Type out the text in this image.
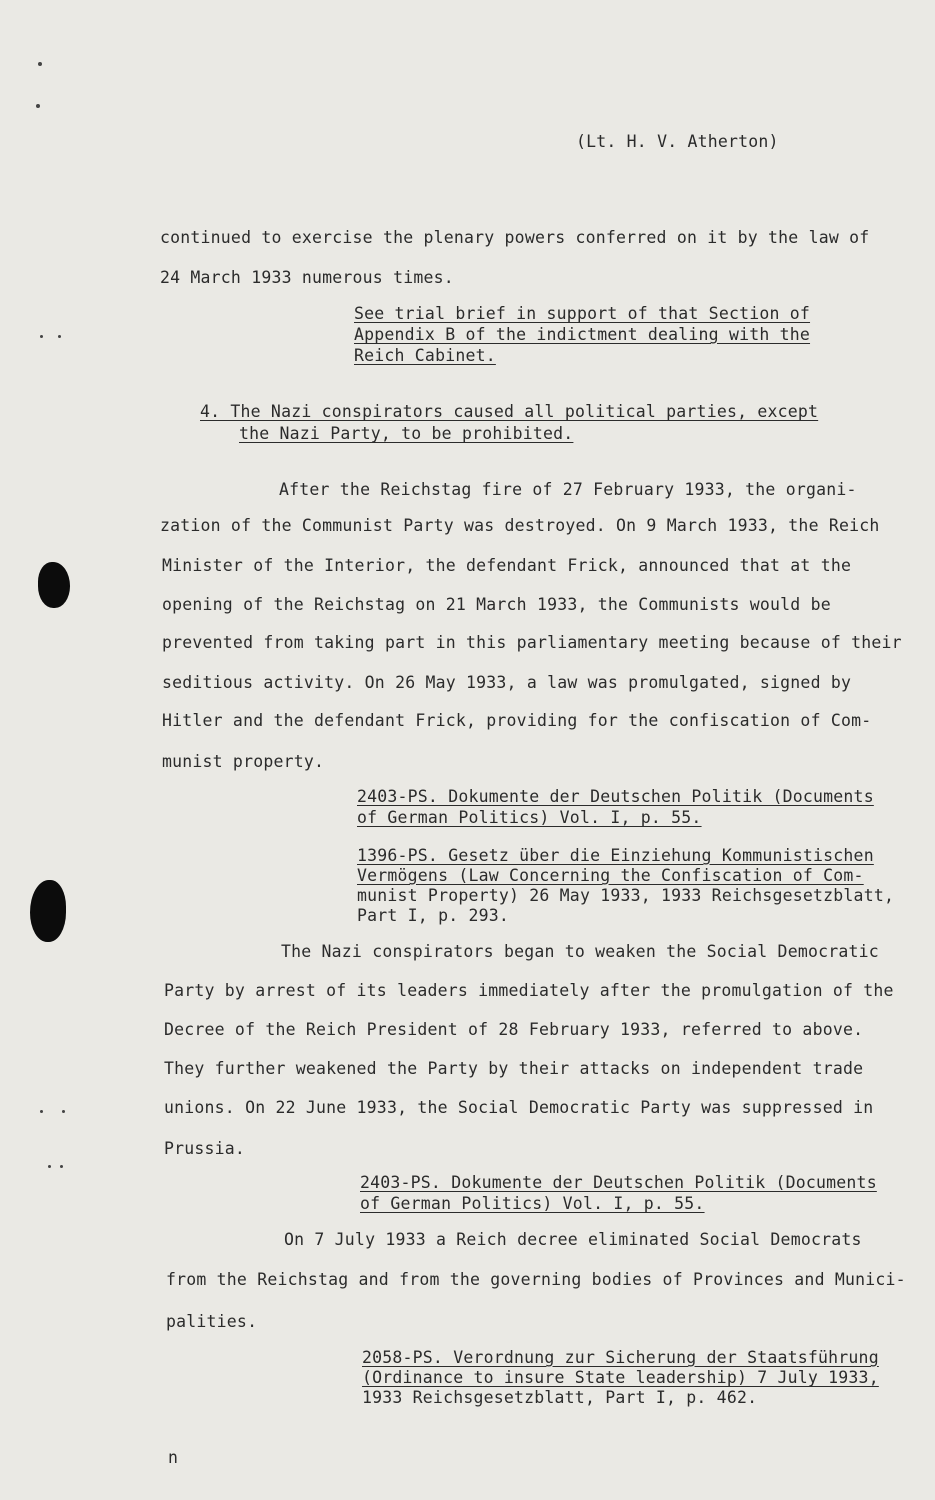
(Lt. H. V. Atherton)
continued to exercise the plenary powers conferred on it by the law of
24 March 1933 numerous times.
See trial brief in support of that Section of
Appendix B of the indictment dealing with the
Reich Cabinet.
4. The Nazi conspirators caused all political parties, except
the Nazi Party, to be prohibited.
After the Reichstag fire of 27 February 1933, the organi-
zation of the Communist Party was destroyed. On 9 March 1933, the Reich
Minister of the Interior, the defendant Frick, announced that at the
opening of the Reichstag on 21 March 1933, the Communists would be
prevented from taking part in this parliamentary meeting because of their
seditious activity. On 26 May 1933, a law was promulgated, signed by
Hitler and the defendant Frick, providing for the confiscation of Com-
munist property.
2403-PS. Dokumente der Deutschen Politik (Documents
of German Politics) Vol. I, p. 55.
1396-PS. Gesetz über die Einziehung Kommunistischen
Vermögens (Law Concerning the Confiscation of Com-
munist Property) 26 May 1933, 1933 Reichsgesetzblatt,
Part I, p. 293.
The Nazi conspirators began to weaken the Social Democratic
Party by arrest of its leaders immediately after the promulgation of the
Decree of the Reich President of 28 February 1933, referred to above.
They further weakened the Party by their attacks on independent trade
unions. On 22 June 1933, the Social Democratic Party was suppressed in
Prussia.
2403-PS. Dokumente der Deutschen Politik (Documents
of German Politics) Vol. I, p. 55.
On 7 July 1933 a Reich decree eliminated Social Democrats
from the Reichstag and from the governing bodies of Provinces and Munici-
palities.
2058-PS. Verordnung zur Sicherung der Staatsführung
(Ordinance to insure State leadership) 7 July 1933,
1933 Reichsgesetzblatt, Part I, p. 462.
n
